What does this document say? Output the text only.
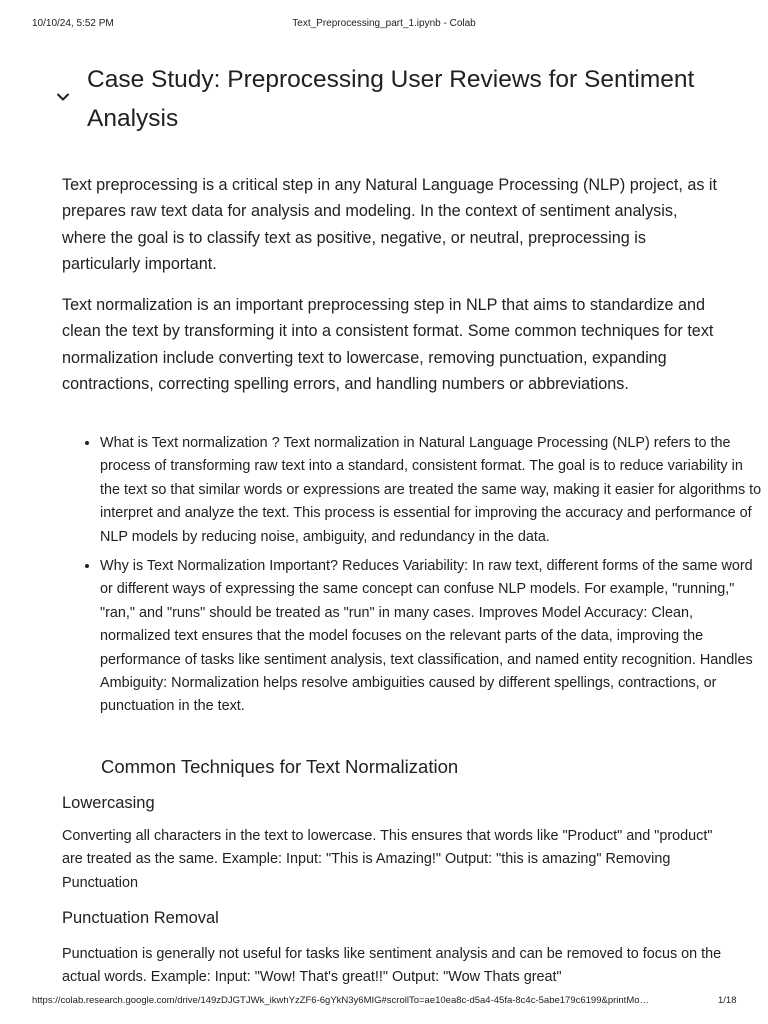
10/10/24, 5:52 PM	Text_Preprocessing_part_1.ipynb - Colab
Case Study: Preprocessing User Reviews for Sentiment Analysis

Text preprocessing is a critical step in any Natural Language Processing (NLP) project, as it prepares raw text data for analysis and modeling. In the context of sentiment analysis, where the goal is to classify text as positive, negative, or neutral, preprocessing is particularly important.

Text normalization is an important preprocessing step in NLP that aims to standardize and clean the text by transforming it into a consistent format. Some common techniques for text normalization include converting text to lowercase, removing punctuation, expanding contractions, correcting spelling errors, and handling numbers or abbreviations.

• What is Text normalization ? Text normalization in Natural Language Processing (NLP) refers to the process of transforming raw text into a standard, consistent format. The goal is to reduce variability in the text so that similar words or expressions are treated the same way, making it easier for algorithms to interpret and analyze the text. This process is essential for improving the accuracy and performance of NLP models by reducing noise, ambiguity, and redundancy in the data.
• Why is Text Normalization Important? Reduces Variability: In raw text, different forms of the same word or different ways of expressing the same concept can confuse NLP models. For example, "running," "ran," and "runs" should be treated as "run" in many cases. Improves Model Accuracy: Clean, normalized text ensures that the model focuses on the relevant parts of the data, improving the performance of tasks like sentiment analysis, text classification, and named entity recognition. Handles Ambiguity: Normalization helps resolve ambiguities caused by different spellings, contractions, or punctuation in the text.
Common Techniques for Text Normalization
Lowercasing

Converting all characters in the text to lowercase. This ensures that words like "Product" and "product" are treated as the same. Example: Input: "This is Amazing!" Output: "this is amazing" Removing Punctuation

Punctuation Removal

Punctuation is generally not useful for tasks like sentiment analysis and can be removed to focus on the actual words. Example: Input: "Wow! That's great!!" Output: "Wow Thats great"

https://colab.research.google.com/drive/149zDJGTJWk_ikwhYzZF6-6gYkN3y6MIG#scrollTo=ae10ea8c-d5a4-45fa-8c4c-5abe179c6199&printMo…	1/18
